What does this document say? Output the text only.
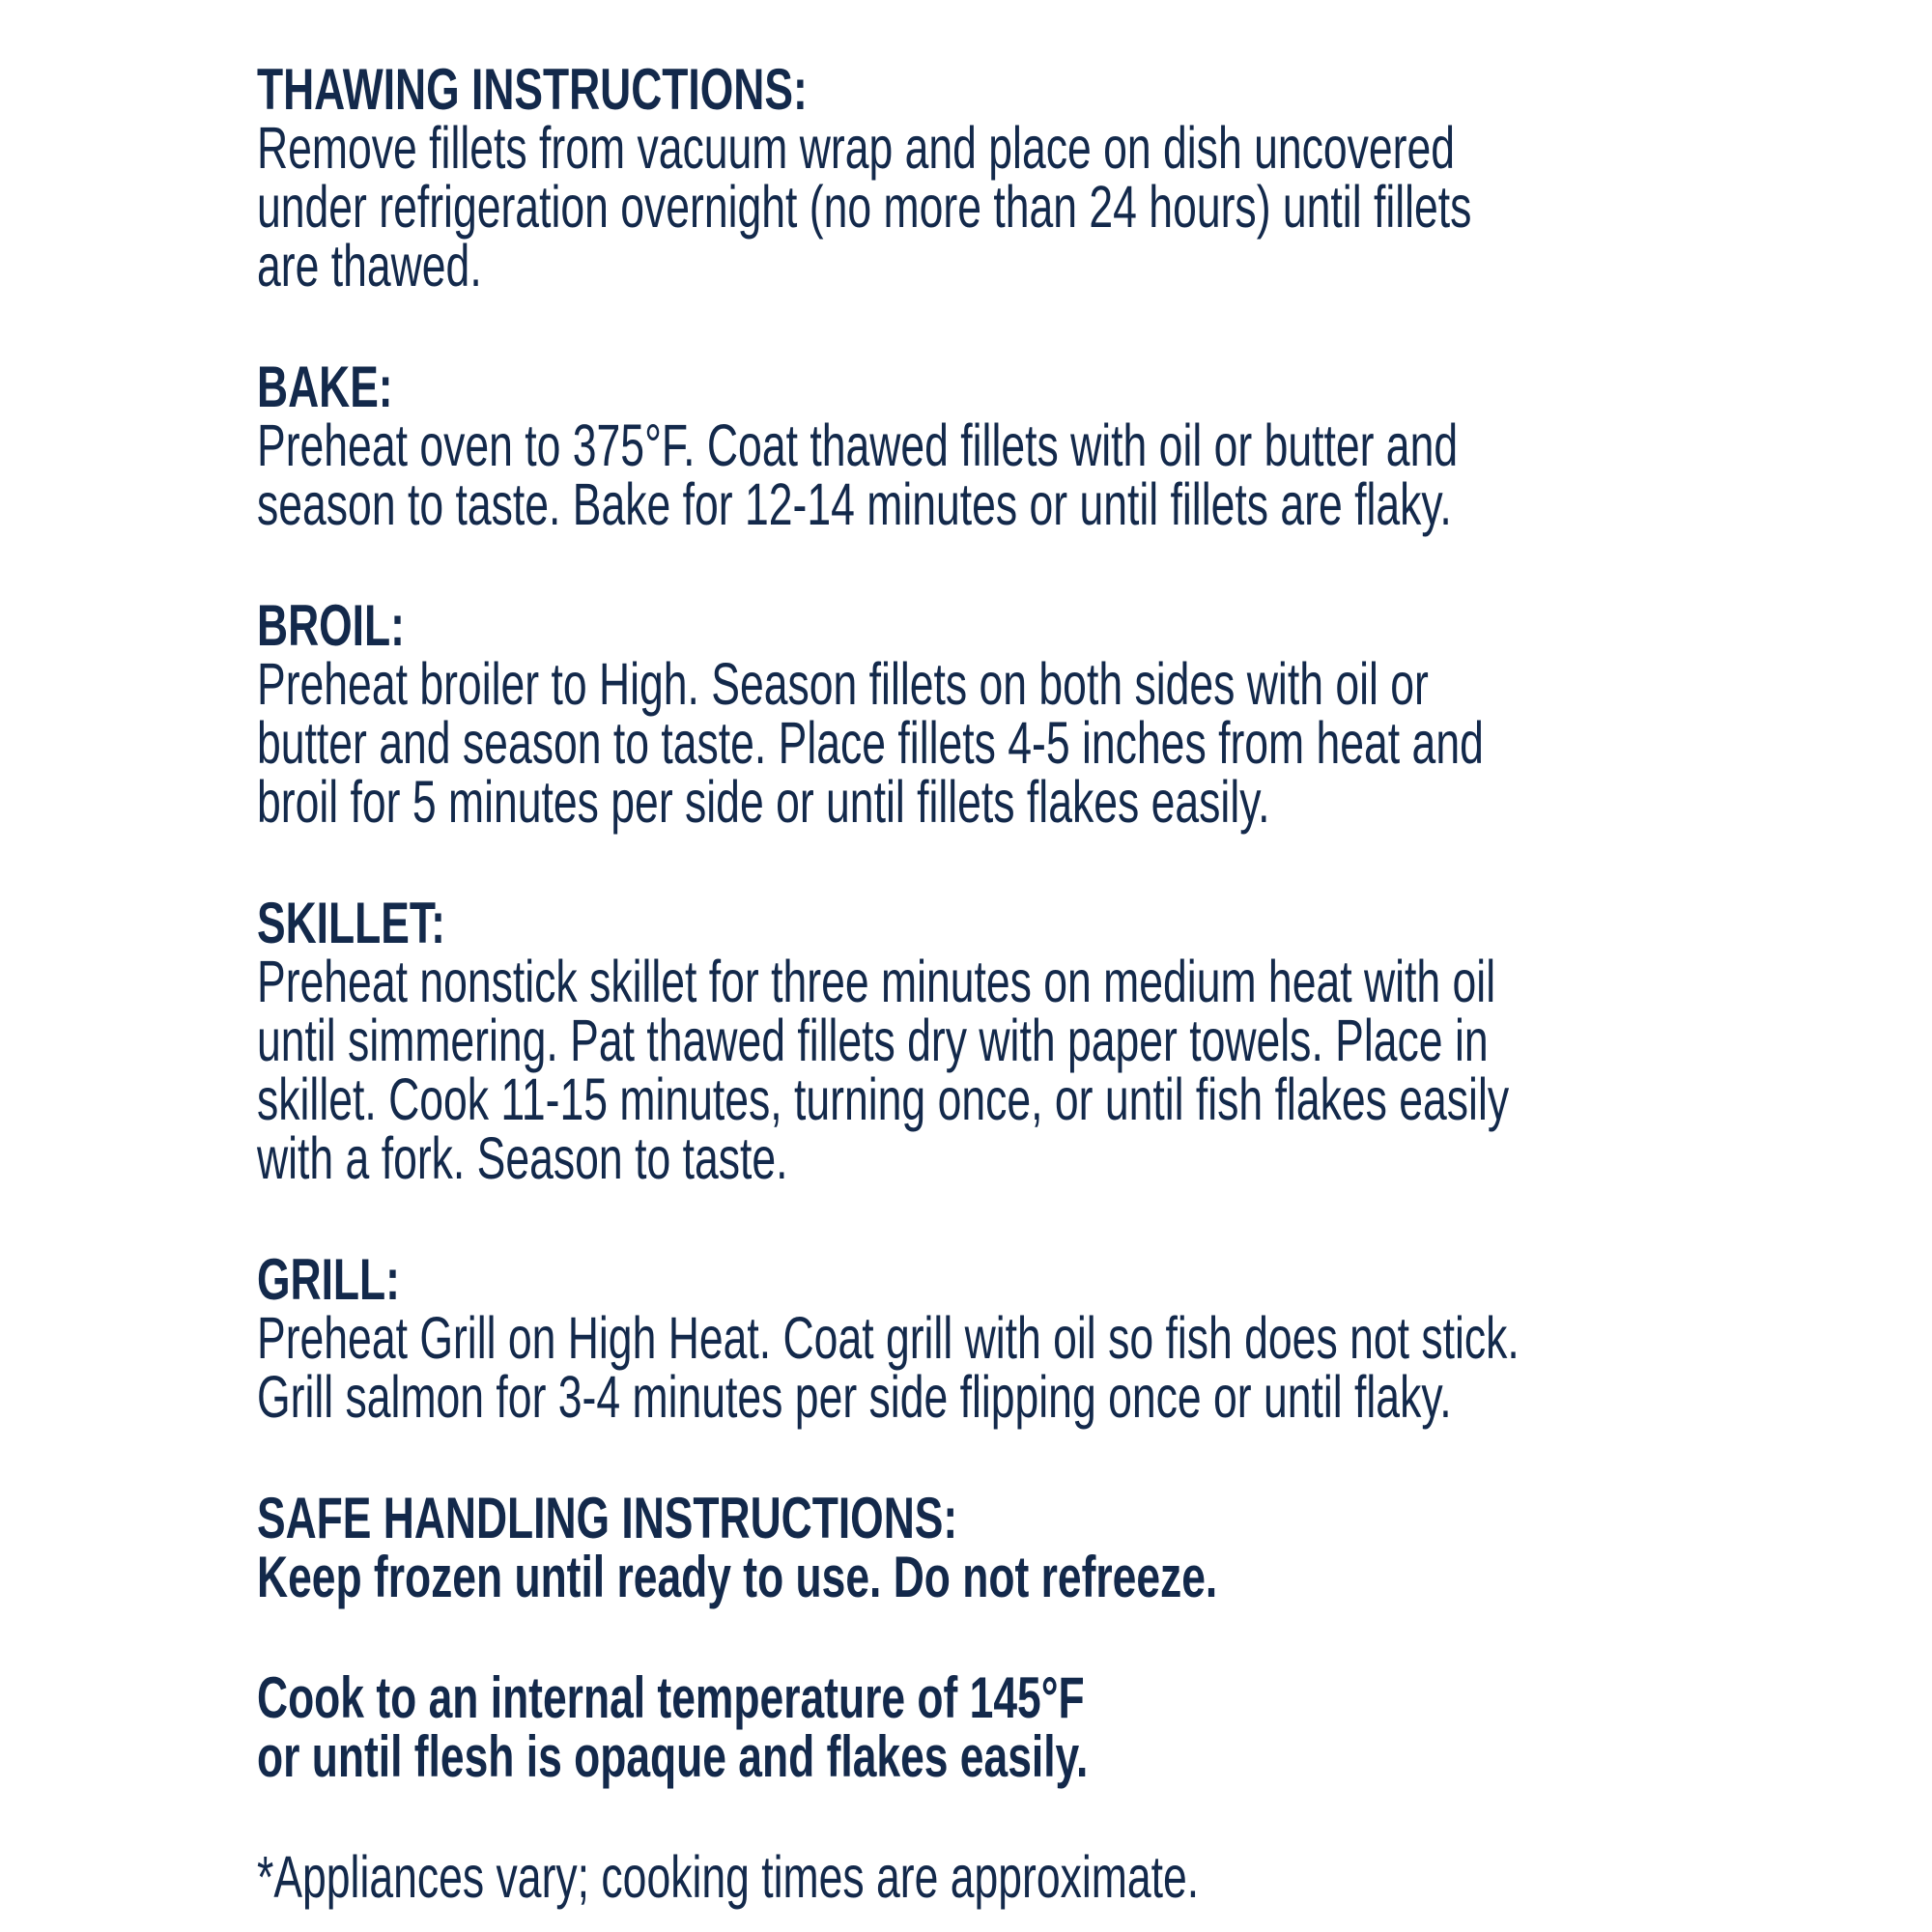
THAWING INSTRUCTIONS:
Remove fillets from vacuum wrap and place on dish uncovered
under refrigeration overnight (no more than 24 hours) until fillets
are thawed.
BAKE:
Preheat oven to 375°F. Coat thawed fillets with oil or butter and
season to taste. Bake for 12-14 minutes or until fillets are flaky.
BROIL:
Preheat broiler to High. Season fillets on both sides with oil or
butter and season to taste. Place fillets 4-5 inches from heat and
broil for 5 minutes per side or until fillets flakes easily.
SKILLET:
Preheat nonstick skillet for three minutes on medium heat with oil
until simmering. Pat thawed fillets dry with paper towels. Place in
skillet. Cook 11-15 minutes, turning once, or until fish flakes easily
with a fork. Season to taste.
GRILL:
Preheat Grill on High Heat. Coat grill with oil so fish does not stick.
Grill salmon for 3-4 minutes per side flipping once or until flaky.
SAFE HANDLING INSTRUCTIONS:
Keep frozen until ready to use. Do not refreeze.
Cook to an internal temperature of 145°F
or until flesh is opaque and flakes easily.
*Appliances vary; cooking times are approximate.
